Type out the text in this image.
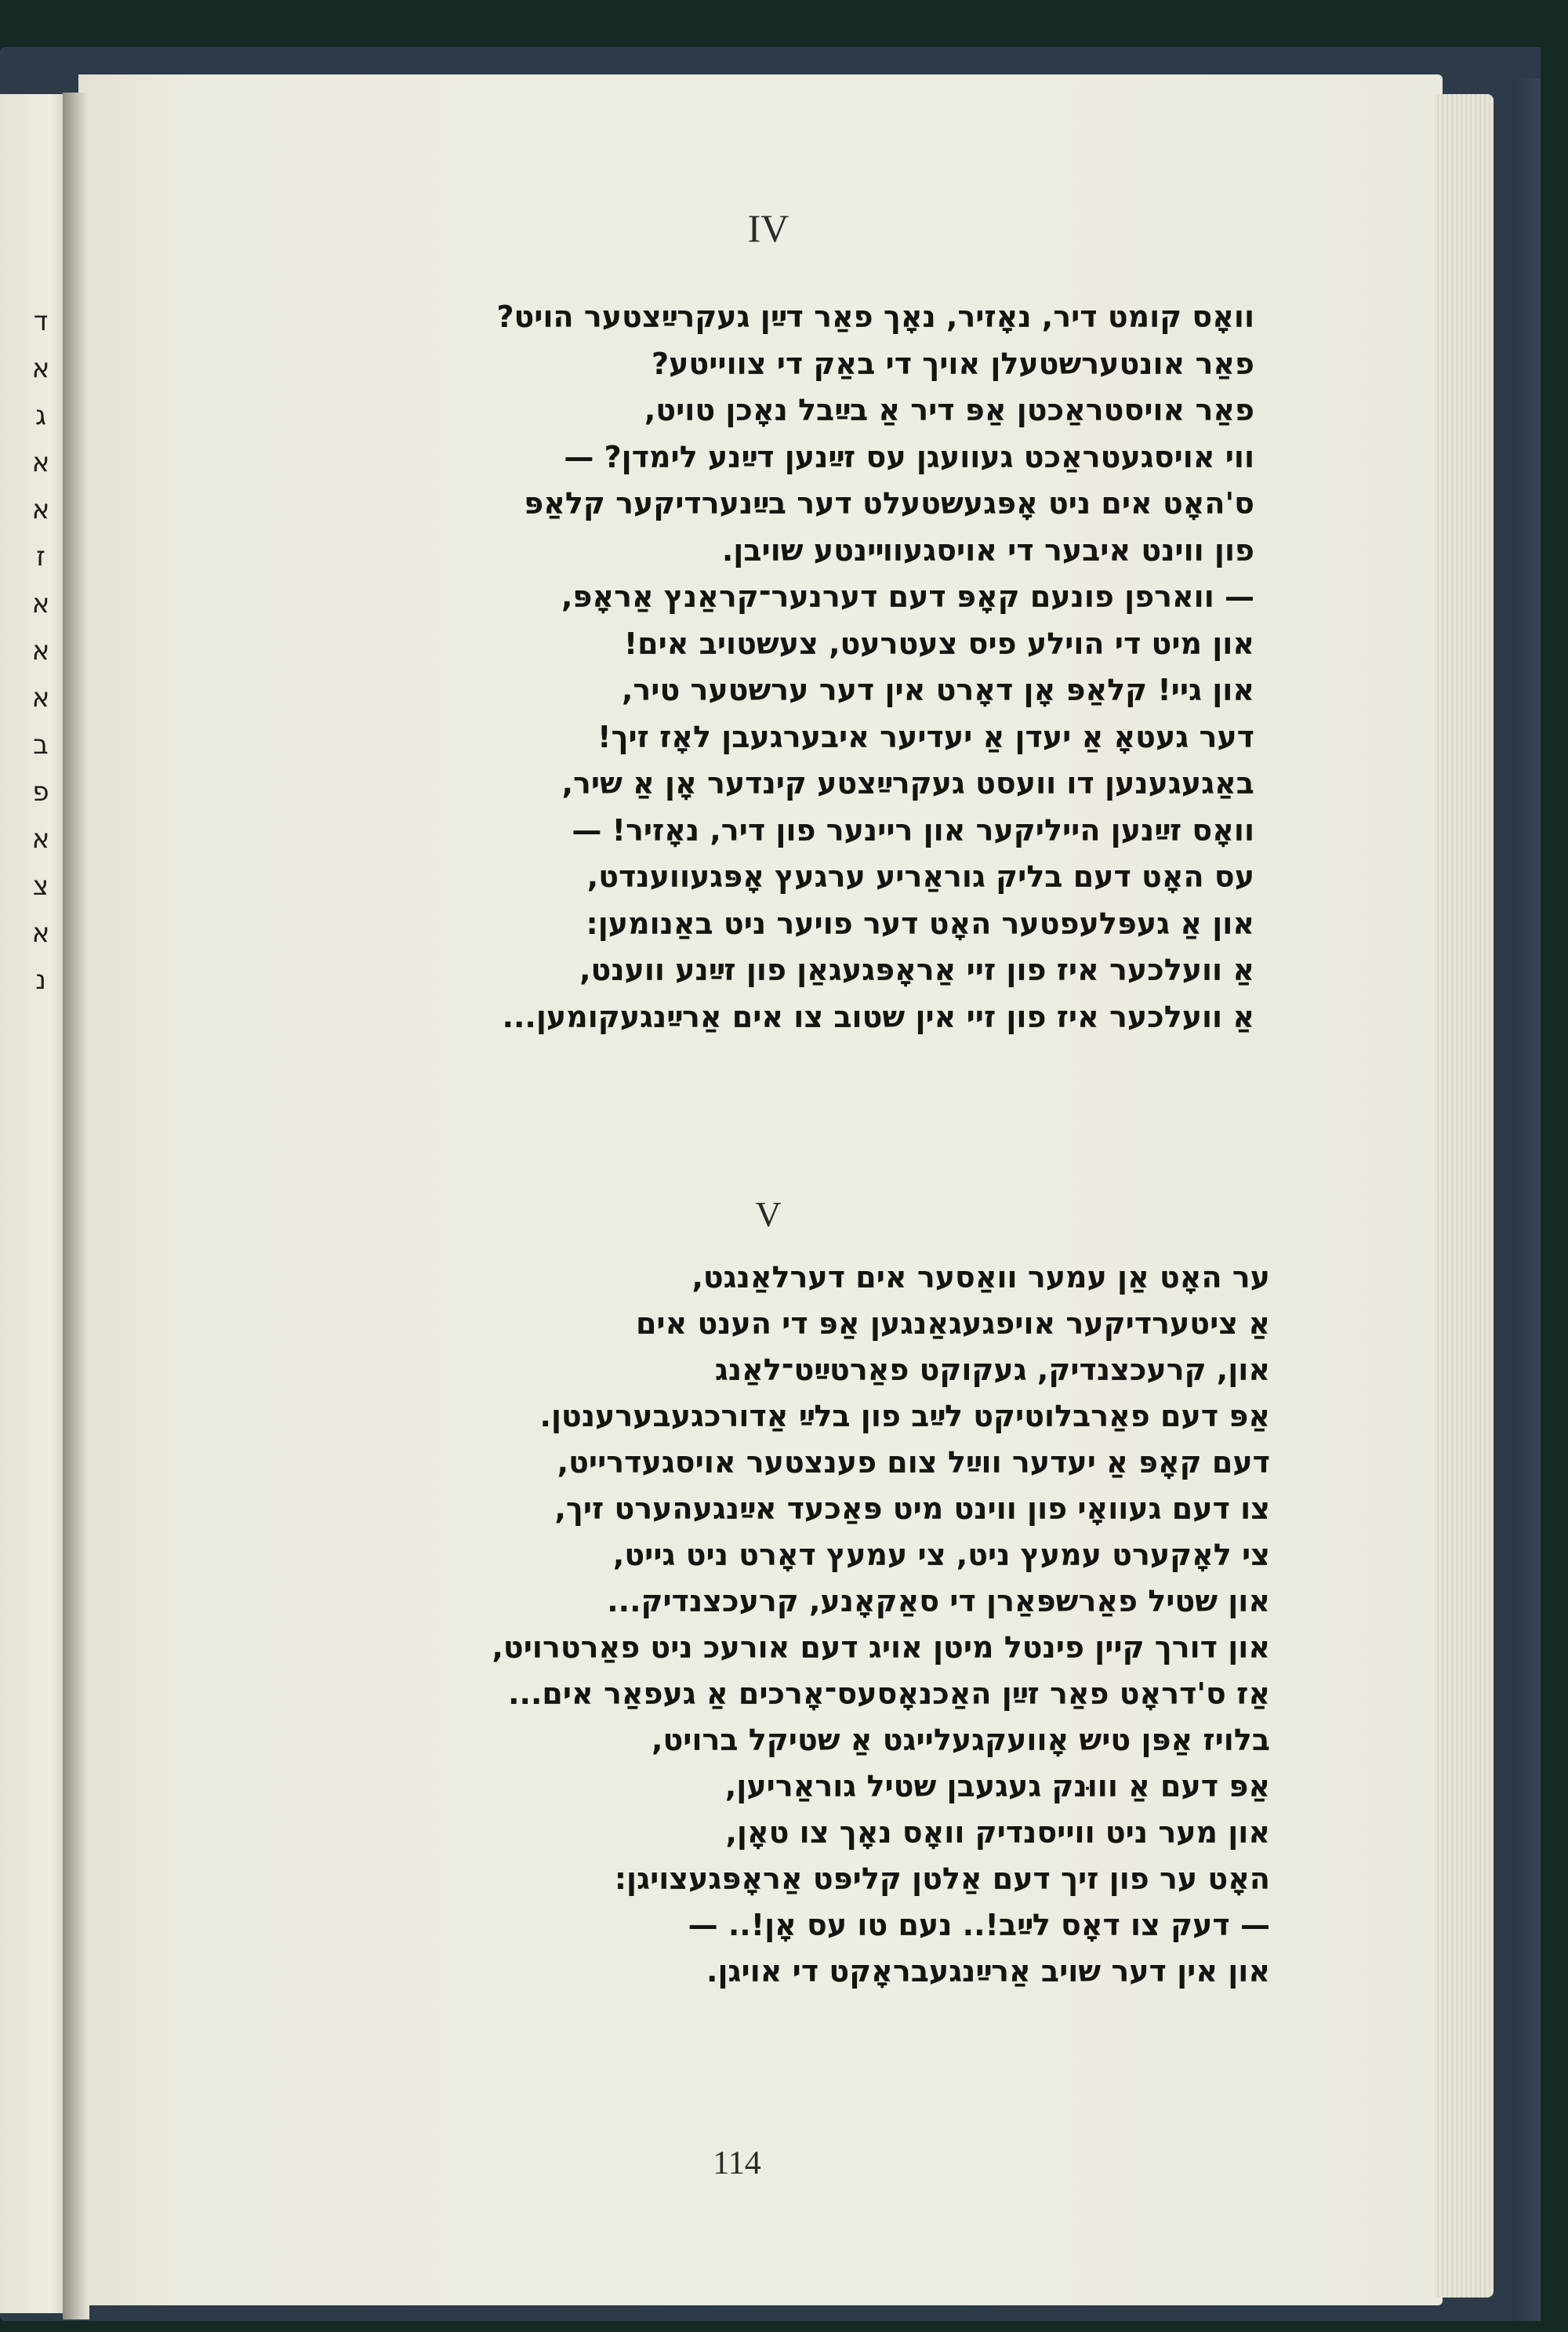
ד
א
ג
א
א
ז
א
א
א
ב
פ
א
צ
א
נ
IV
וואָס קומט דיר, נאָזיר, נאָך פאַר דײַן געקרײַצטער הויט?
פאַר אונטערשטעלן אויך די באַק די צווייטע?
פאַר אויסטראַכטן אַפּ דיר אַ בײַבל נאָכן טויט,
ווי אויסגעטראַכט געוועגן עס זײַנען דײַנע לימדן? —
ס'האָט אים ניט אָפּגעשטעלט דער בײַנערדיקער קלאַפּ
פון ווינט איבער די אויסגעווײנטע שויבן.
— ווארפן פונעם קאָפּ דעם דערנער־קראַנץ אַראָפּ,
און מיט די הוילע פיס צעטרעט, צעשטויב אים!
און גיי! קלאַפּ אָן דאָרט אין דער ערשטער טיר,
דער געטאָ אַ יעדן אַ יעדיער איבערגעבן לאָז זיך!
באַגעגענען דו וועסט געקרײַצטע קינדער אָן אַ שיר,
וואָס זײַנען הייליקער און ריינער פון דיר, נאָזיר! —
עס האָט דעם בליק גוראַריע ערגעץ אָפּגעווענדט,
און אַ געפּלעפטער האָט דער פויער ניט באַנומען:
אַ וועלכער איז פון זיי אַראָפּגעגאַן פון זײַנע ווענט,
אַ וועלכער איז פון זיי אין שטוב צו אים אַרײַנגעקומען...
V
ער האָט אַן עמער וואַסער אים דערלאַנגט,
אַ ציטערדיקער אויפגעגאַנגען אַפּ די הענט אים
און, קרעכצנדיק, געקוקט פאַרטײַט־לאַנג
אַפּ דעם פאַרבלוטיקט לײַב פון בלײַ אַדורכגעבערענטן.
דעם קאָפּ אַ יעדער ווײַל צום פענצטער אויסגעדרייט,
צו דעם געוואָי פון ווינט מיט פּאַכעד אײַנגעהערט זיך,
צי לאָקערט עמעץ ניט, צי עמעץ דאָרט ניט גייט,
און שטיל פאַרשפּאַרן די סאַקאָנע, קרעכצנדיק...
און דורך קיין פינטל מיטן אויג דעם אורעכ ניט פאַרטרויט,
אַז ס'דראָט פאַר זײַן האַכנאָסעס־אָרכים אַ געפאַר אים...
בלויז אַפּן טיש אָוועקגעלייגט אַ שטיקל ברויט,
אַפּ דעם אַ וווּנק געגעבן שטיל גוראַריען,
און מער ניט ווייסנדיק וואָס נאָך צו טאָן,
האָט ער פון זיך דעם אַלטן קליפּט אַראָפּגעצויגן:
— דעק צו דאָס לײַב!.. נעם טו עס אָן!.. —
און אין דער שויב אַרײַנגעבראָקט די אויגן.
114
